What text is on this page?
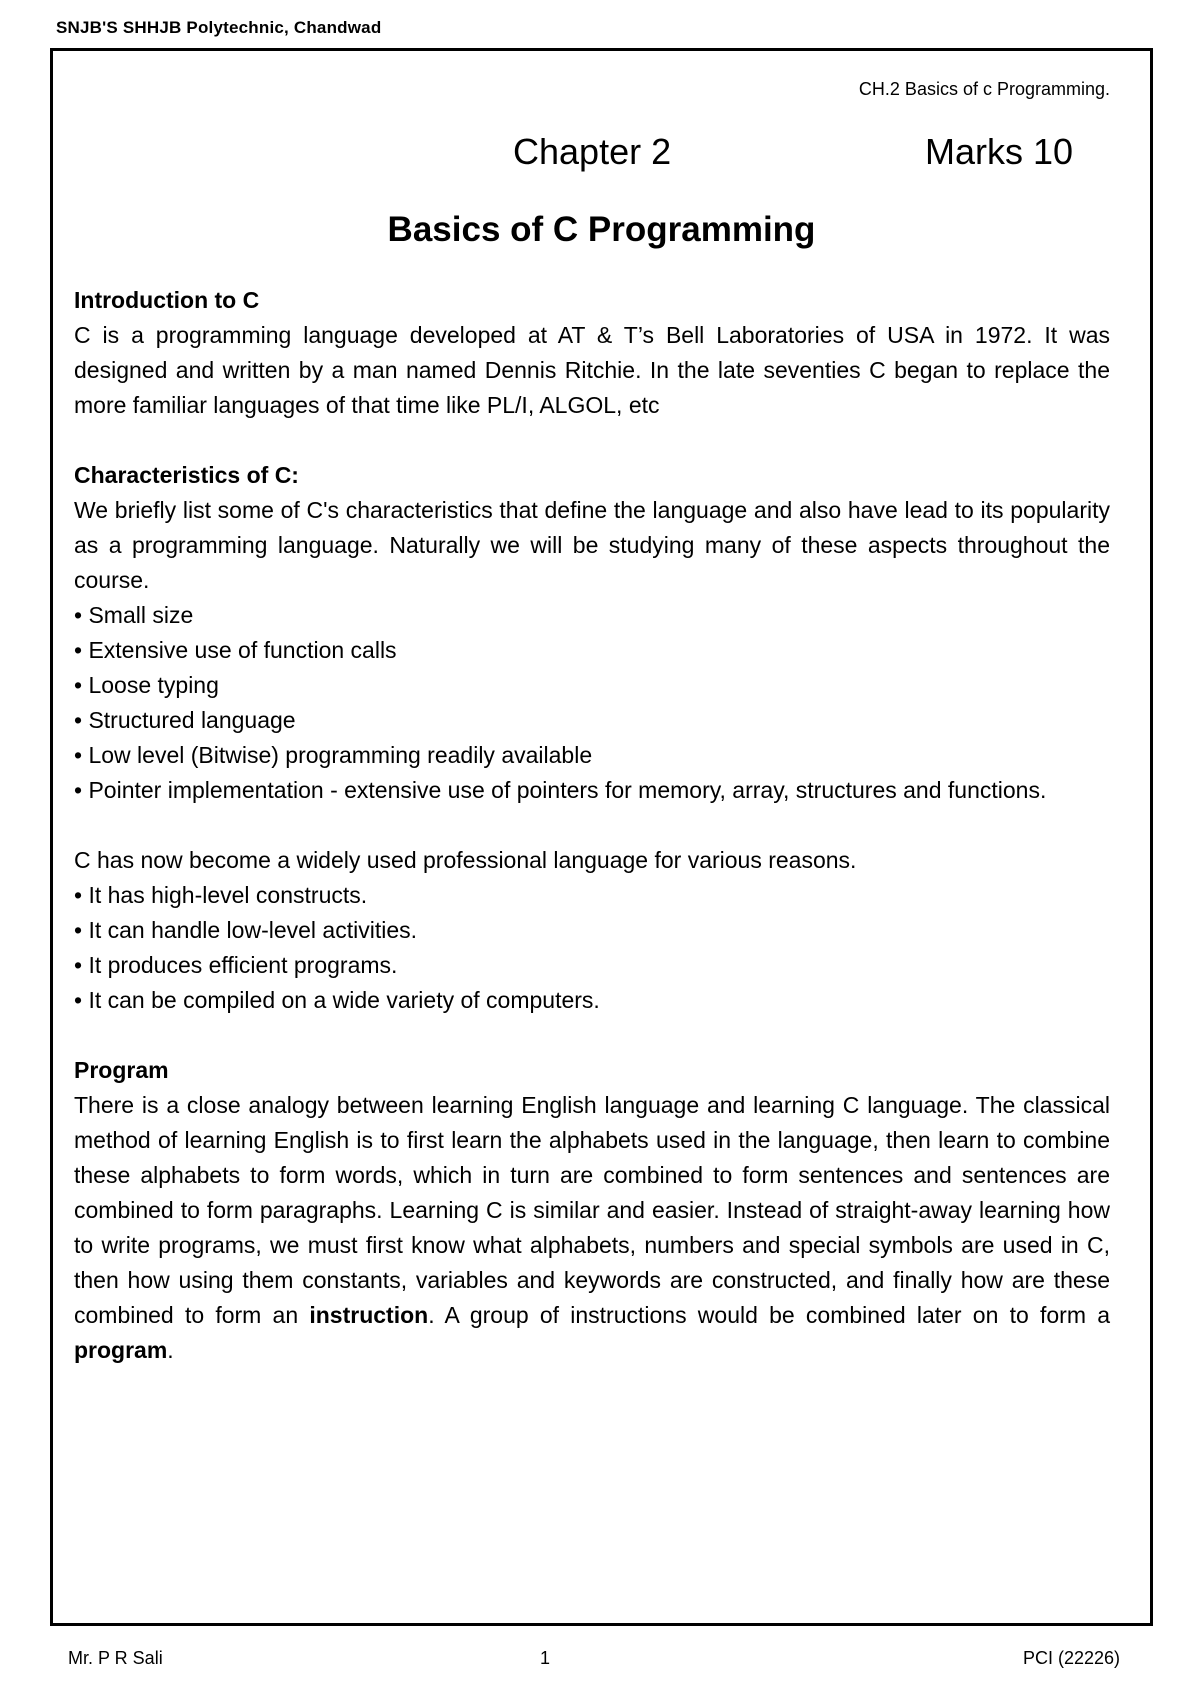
SNJB'S SHHJB Polytechnic, Chandwad
CH.2 Basics of c Programming.
Chapter 2	Marks 10
Basics of C Programming
Introduction to C

C is a programming language developed at AT & T’s Bell Laboratories of USA in 1972. It was designed and written by a man named Dennis Ritchie. In the late seventies C began to replace the more familiar languages of that time like PL/I, ALGOL, etc

Characteristics of C:

We briefly list some of C's characteristics that define the language and also have lead to its popularity as a programming language. Naturally we will be studying many of these aspects throughout the course.

• Small size
• Extensive use of function calls
• Loose typing
• Structured language
• Low level (Bitwise) programming readily available
• Pointer implementation - extensive use of pointers for memory, array, structures and functions.

C has now become a widely used professional language for various reasons.

• It has high-level constructs.
• It can handle low-level activities.
• It produces efficient programs.
• It can be compiled on a wide variety of computers.
Program

There is a close analogy between learning English language and learning C language. The classical method of learning English is to first learn the alphabets used in the language, then learn to combine these alphabets to form words, which in turn are combined to form sentences and sentences are combined to form paragraphs. Learning C is similar and easier. Instead of straight-away learning how to write programs, we must first know what alphabets, numbers and special symbols are used in C, then how using them constants, variables and keywords are constructed, and finally how are these combined to form an instruction. A group of instructions would be combined later on to form a program.

Mr. P R Sali	1	PCI (22226)
